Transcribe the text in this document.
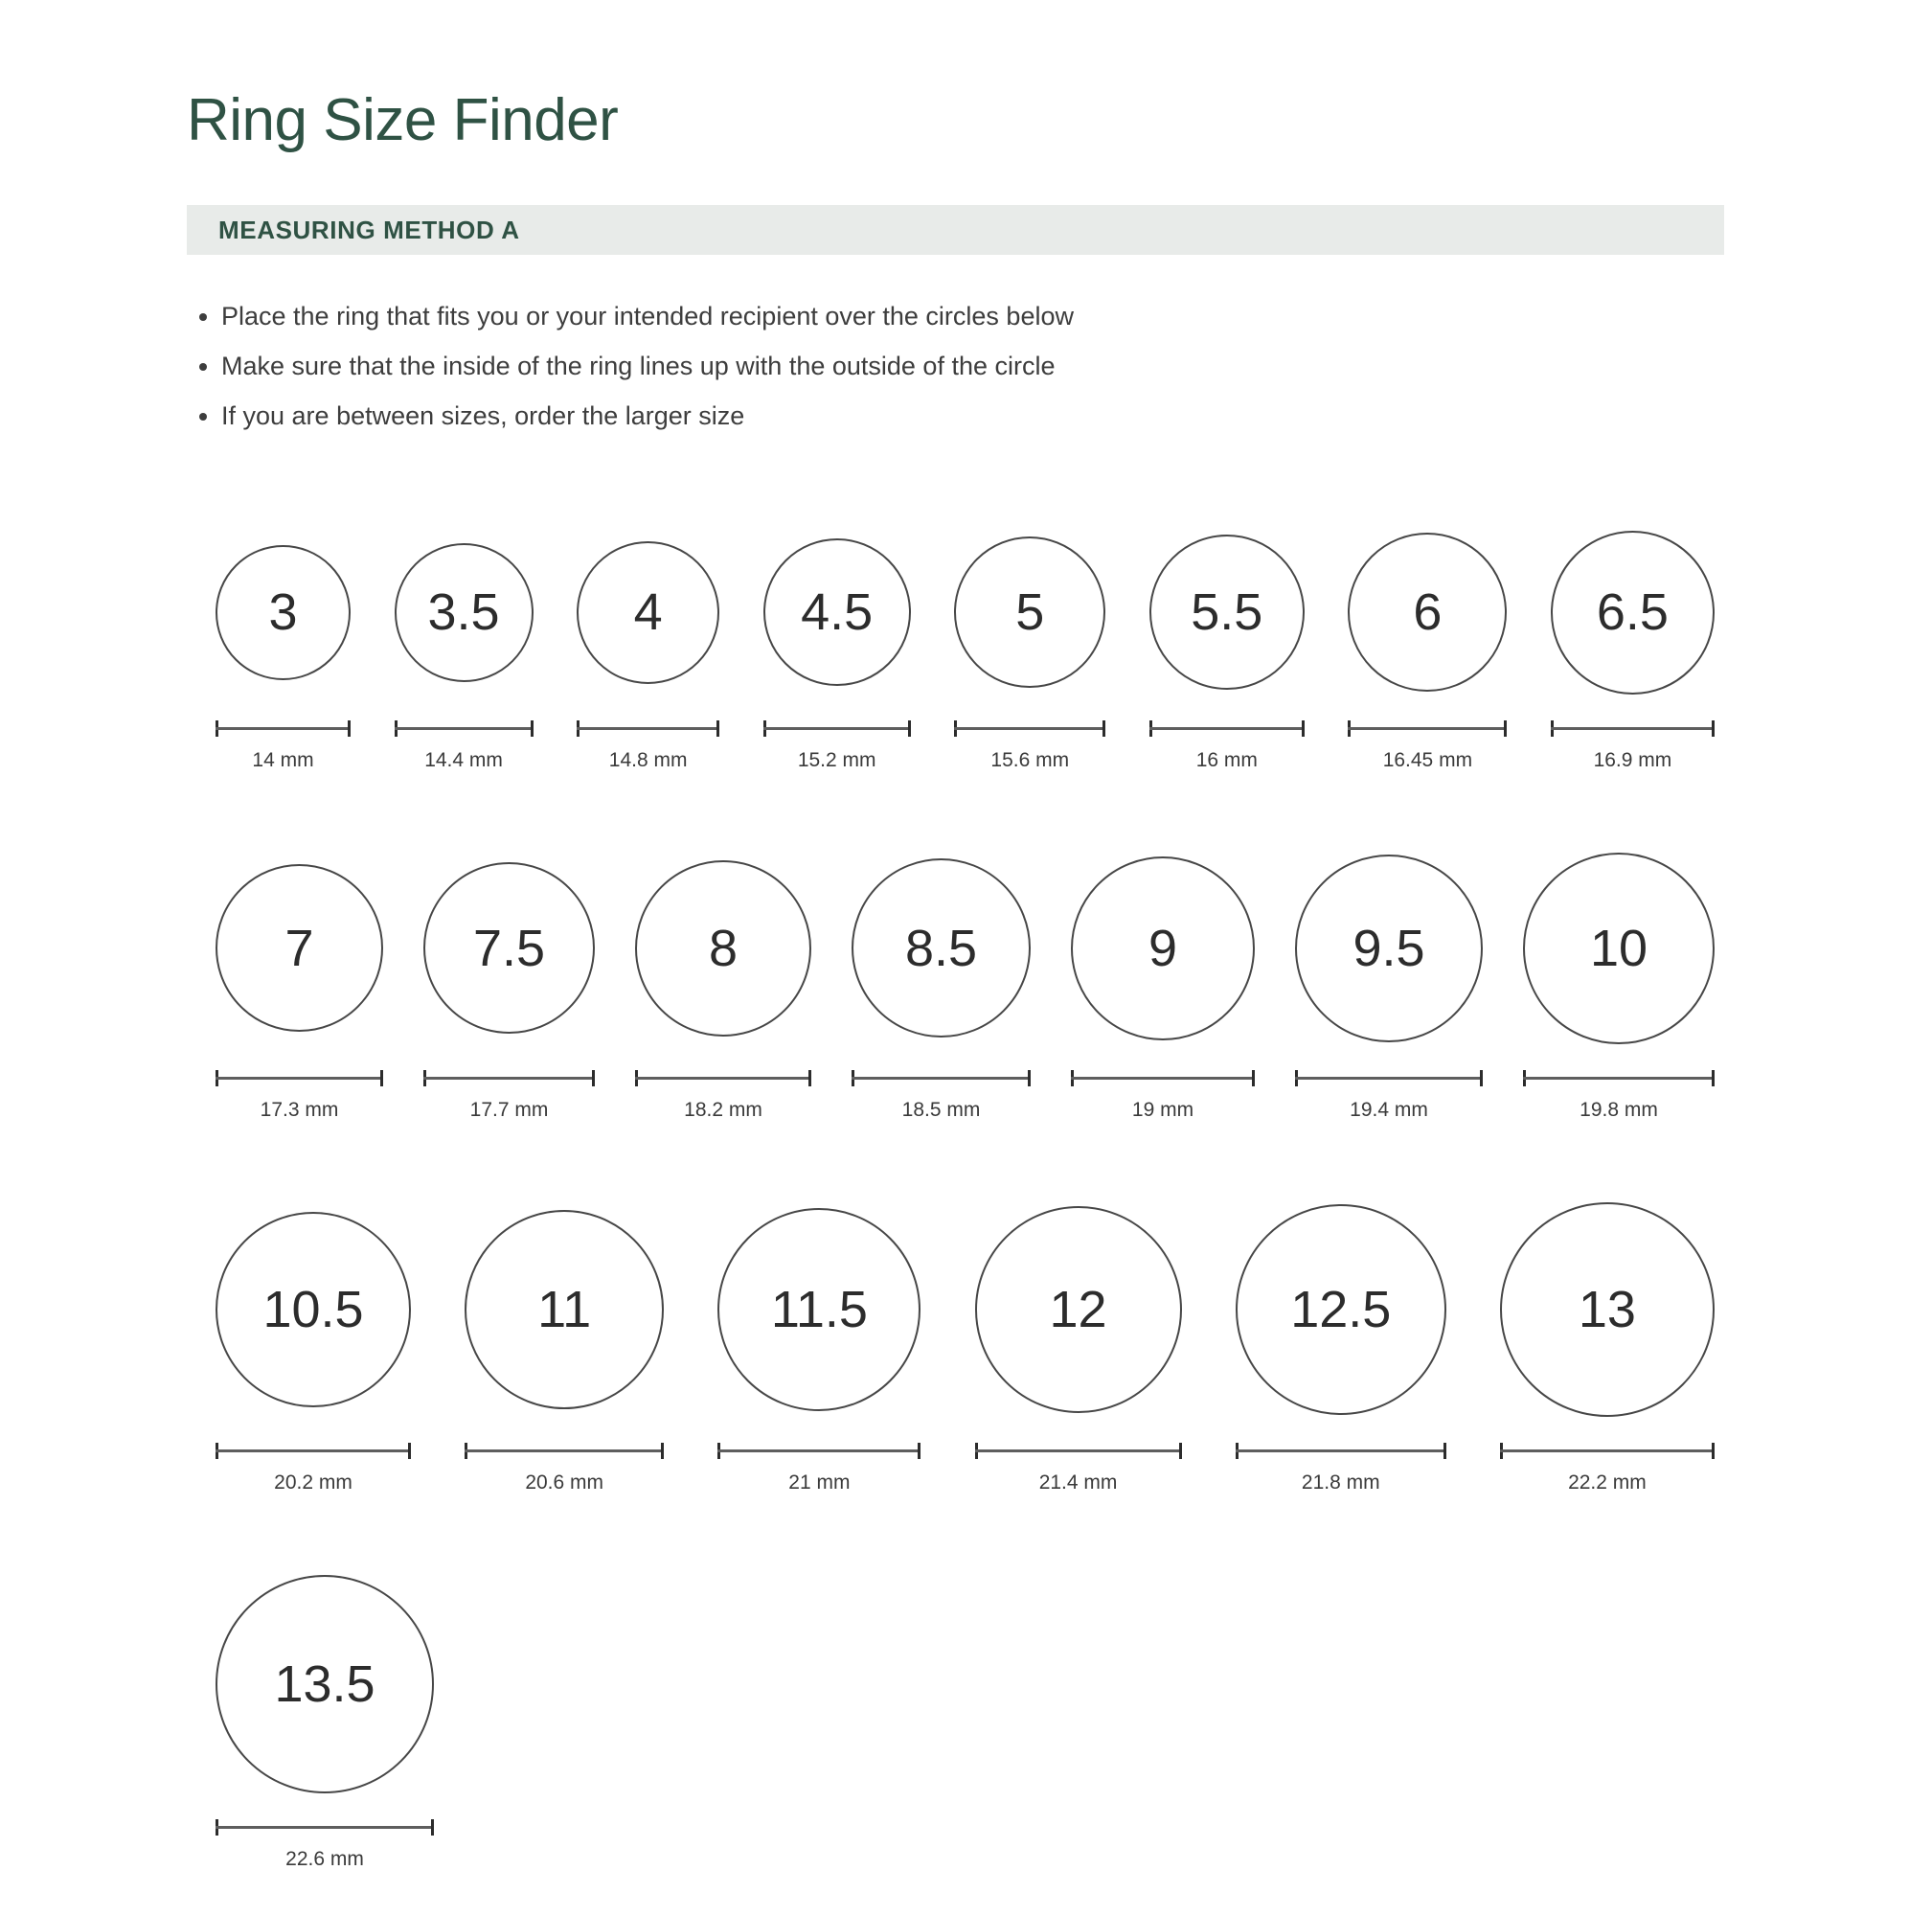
Ring Size Finder
MEASURING METHOD A
• Place the ring that fits you or your intended recipient over the circles below
• Make sure that the inside of the ring lines up with the outside of the circle
• If you are between sizes, order the larger size
3
14 mm
3.5
14.4 mm
4
14.8 mm
4.5
15.2 mm
5
15.6 mm
5.5
16 mm
6
16.45 mm
6.5
16.9 mm
7
17.3 mm
7.5
17.7 mm
8
18.2 mm
8.5
18.5 mm
9
19 mm
9.5
19.4 mm
10
19.8 mm
10.5
20.2 mm
11
20.6 mm
11.5
21 mm
12
21.4 mm
12.5
21.8 mm
13
22.2 mm
13.5
22.6 mm
